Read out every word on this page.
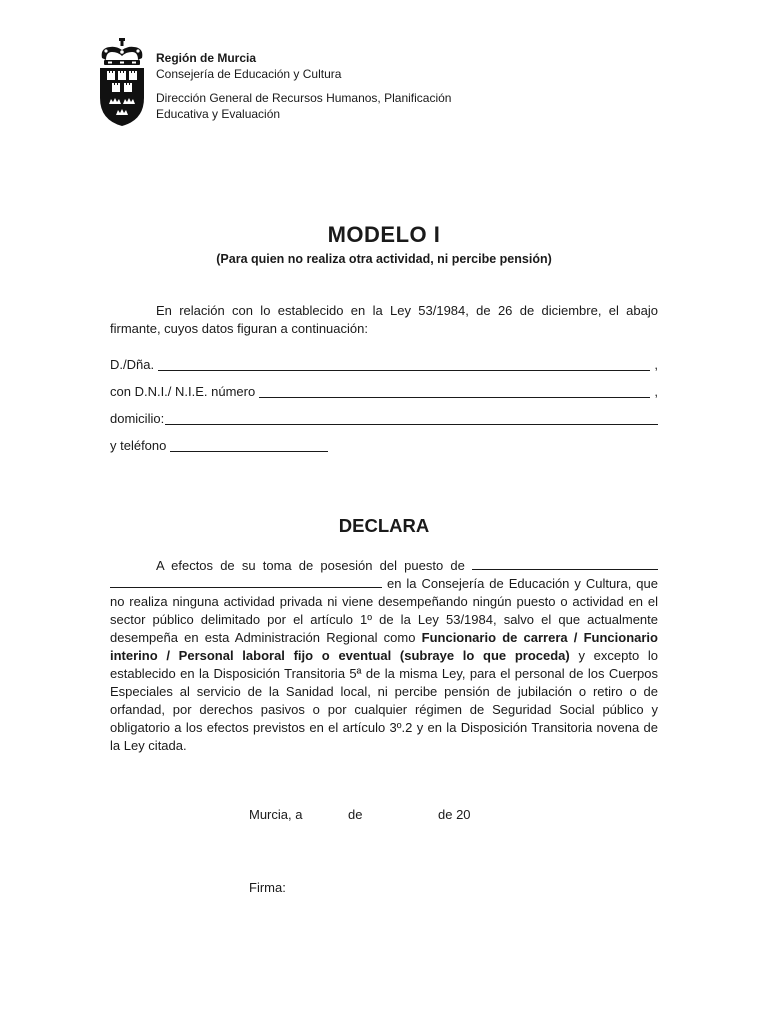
Región de Murcia
Consejería de Educación y Cultura
Dirección General de Recursos Humanos, Planificación
Educativa y Evaluación
MODELO I
(Para quien no realiza otra actividad, ni percibe pensión)
En relación con lo establecido en la Ley 53/1984, de 26 de diciembre, el abajo firmante, cuyos datos figuran a continuación:
D./Dña.	,
con D.N.I./ N.I.E. número	,
domicilio:
y teléfono
DECLARA
A efectos de su toma de posesión del puesto de   en la Consejería de Educación y Cultura, que no realiza ninguna actividad privada ni viene desempeñando ningún puesto o actividad en el sector público delimitado por el artículo 1º de la Ley 53/1984, salvo el que actualmente desempeña en esta Administración Regional como Funcionario de carrera / Funcionario interino / Personal laboral fijo o eventual (subraye lo que proceda) y excepto lo establecido en la Disposición Transitoria 5ª de la misma Ley, para el personal de los Cuerpos Especiales al servicio de la Sanidad local, ni percibe pensión de jubilación o retiro o de orfandad, por derechos pasivos o por cualquier régimen de Seguridad Social público y obligatorio a los efectos previstos en el artículo 3º.2 y en la Disposición Transitoria novena de la Ley citada.
Murcia, a	de	de 20
Firma:
